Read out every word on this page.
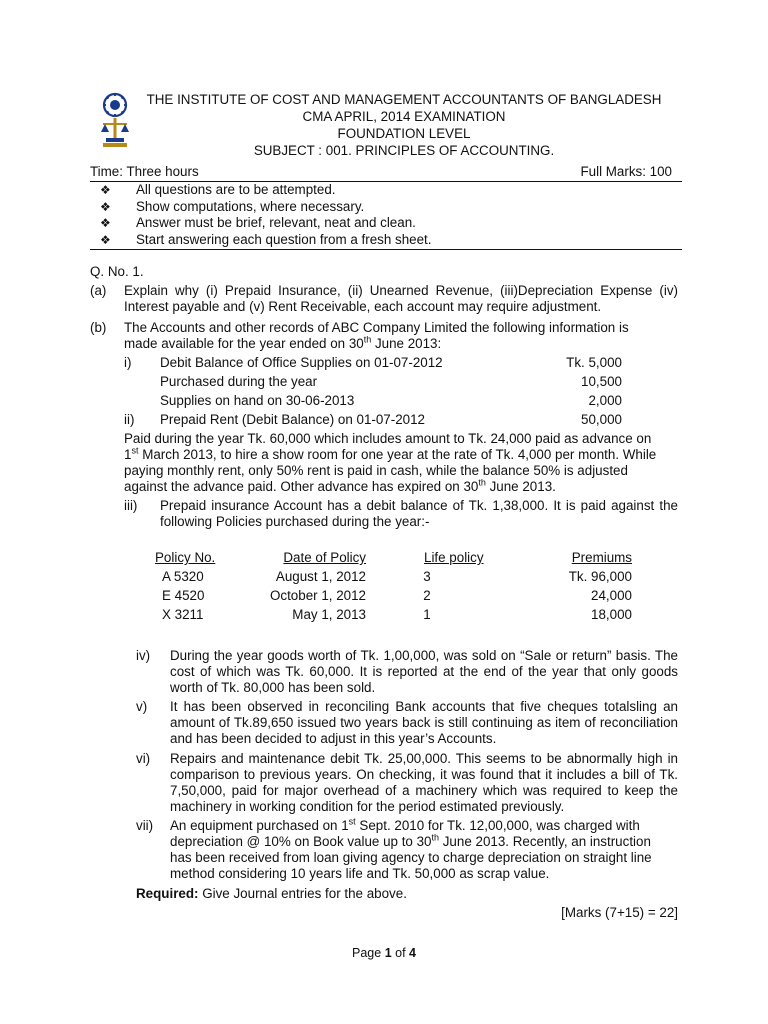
THE INSTITUTE OF COST AND MANAGEMENT ACCOUNTANTS OF BANGLADESH
CMA APRIL, 2014 EXAMINATION
FOUNDATION LEVEL
SUBJECT : 001. PRINCIPLES OF ACCOUNTING.
Time: Three hours	Full Marks: 100
❖ All questions are to be attempted.
❖ Show computations, where necessary.
❖ Answer must be brief, relevant, neat and clean.
❖ Start answering each question from a fresh sheet.
Q. No. 1.
(a) Explain why (i) Prepaid Insurance, (ii) Unearned Revenue, (iii)Depreciation Expense (iv) Interest payable and (v) Rent Receivable, each account may require adjustment.
(b) The Accounts and other records of ABC Company Limited the following information is
made available for the year ended on 30th June 2013:
i) Debit Balance of Office Supplies on 01-07-2012	Tk. 5,000
Purchased during the year	10,500
Supplies on hand on 30-06-2013	2,000
ii) Prepaid Rent (Debit Balance) on 01-07-2012	50,000
Paid during the year Tk. 60,000 which includes amount to Tk. 24,000 paid as advance on
1st March 2013, to hire a show room for one year at the rate of Tk. 4,000 per month. While
paying monthly rent, only 50% rent is paid in cash, while the balance 50% is adjusted
against the advance paid. Other advance has expired on 30th June 2013.
iii) Prepaid insurance Account has a debit balance of Tk. 1,38,000. It is paid against the following Policies purchased during the year:-
Policy No.	Date of Policy	Life policy	Premiums
A 5320	August 1, 2012	3	Tk. 96,000
E 4520	October 1, 2012	2	24,000
X 3211	May 1, 2013	1	18,000
iv) During the year goods worth of Tk. 1,00,000, was sold on “Sale or return” basis. The cost of which was Tk. 60,000. It is reported at the end of the year that only goods worth of Tk. 80,000 has been sold.
v) It has been observed in reconciling Bank accounts that five cheques totalsling an amount of Tk.89,650 issued two years back is still continuing as item of reconciliation and has been decided to adjust in this year’s Accounts.
vi) Repairs and maintenance debit Tk. 25,00,000. This seems to be abnormally high in comparison to previous years. On checking, it was found that it includes a bill of Tk. 7,50,000, paid for major overhead of a machinery which was required to keep the machinery in working condition for the period estimated previously.
vii) An equipment purchased on 1st Sept. 2010 for Tk. 12,00,000, was charged with
depreciation @ 10% on Book value up to 30th June 2013. Recently, an instruction
has been received from loan giving agency to charge depreciation on straight line
method considering 10 years life and Tk. 50,000 as scrap value.
Required: Give Journal entries for the above.
[Marks (7+15) = 22]
Page 1 of 4
